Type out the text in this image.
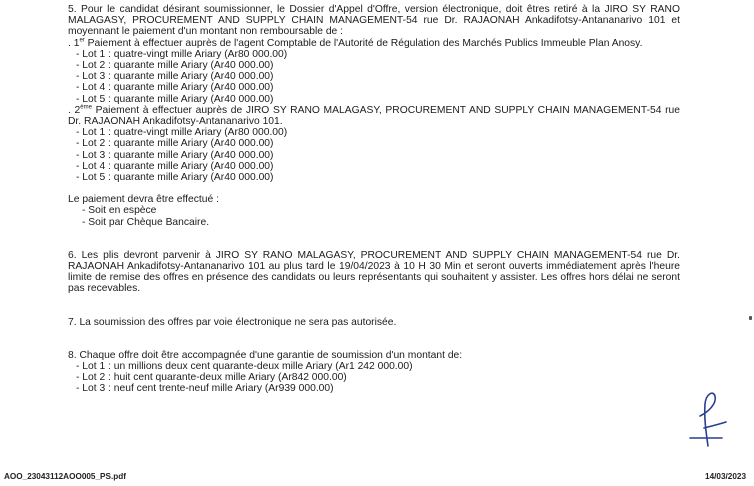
5. Pour le candidat désirant soumissionner, le Dossier d'Appel d'Offre, version électronique, doit êtres retiré à la JIRO SY RANO MALAGASY, PROCUREMENT AND SUPPLY CHAIN MANAGEMENT-54 rue Dr. RAJAONAH Ankadifotsy-Antananarivo 101 et moyennant le paiement d'un montant non remboursable de :

. 1er Paiement à effectuer auprès de l'agent Comptable de l'Autorité de Régulation des Marchés Publics Immeuble Plan Anosy.

- Lot 1 : quatre-vingt mille Ariary (Ar80 000.00)
- Lot 2 : quarante mille Ariary (Ar40 000.00)
- Lot 3 : quarante mille Ariary (Ar40 000.00)
- Lot 4 : quarante mille Ariary (Ar40 000.00)
- Lot 5 : quarante mille Ariary (Ar40 000.00)

. 2ème Paiement à effectuer auprès de JIRO SY RANO MALAGASY, PROCUREMENT AND SUPPLY CHAIN MANAGEMENT-54 rue Dr. RAJAONAH Ankadifotsy-Antananarivo 101.

- Lot 1 : quatre-vingt mille Ariary (Ar80 000.00)
- Lot 2 : quarante mille Ariary (Ar40 000.00)
- Lot 3 : quarante mille Ariary (Ar40 000.00)
- Lot 4 : quarante mille Ariary (Ar40 000.00)
- Lot 5 : quarante mille Ariary (Ar40 000.00)

Le paiement devra être effectué :

- Soit en espèce
- Soit par Chèque Bancaire.

6. Les plis devront parvenir à JIRO SY RANO MALAGASY, PROCUREMENT AND SUPPLY CHAIN MANAGEMENT-54 rue Dr. RAJAONAH Ankadifotsy-Antananarivo 101 au plus tard le 19/04/2023 à 10 H 30 Min et seront ouverts immédiatement après l'heure limite de remise des offres en présence des candidats ou leurs représentants qui souhaitent y assister. Les offres hors délai ne seront pas recevables.

7. La soumission des offres par voie électronique ne sera pas autorisée.

8. Chaque offre doit être accompagnée d'une garantie de soumission d'un montant de:

- Lot 1 : un millions deux cent quarante-deux mille Ariary (Ar1 242 000.00)
- Lot 2 : huit cent quarante-deux mille Ariary (Ar842 000.00)
- Lot 3 : neuf cent trente-neuf mille Ariary (Ar939 000.00)
AOO_23043112AOO005_PS.pdf	14/03/2023
